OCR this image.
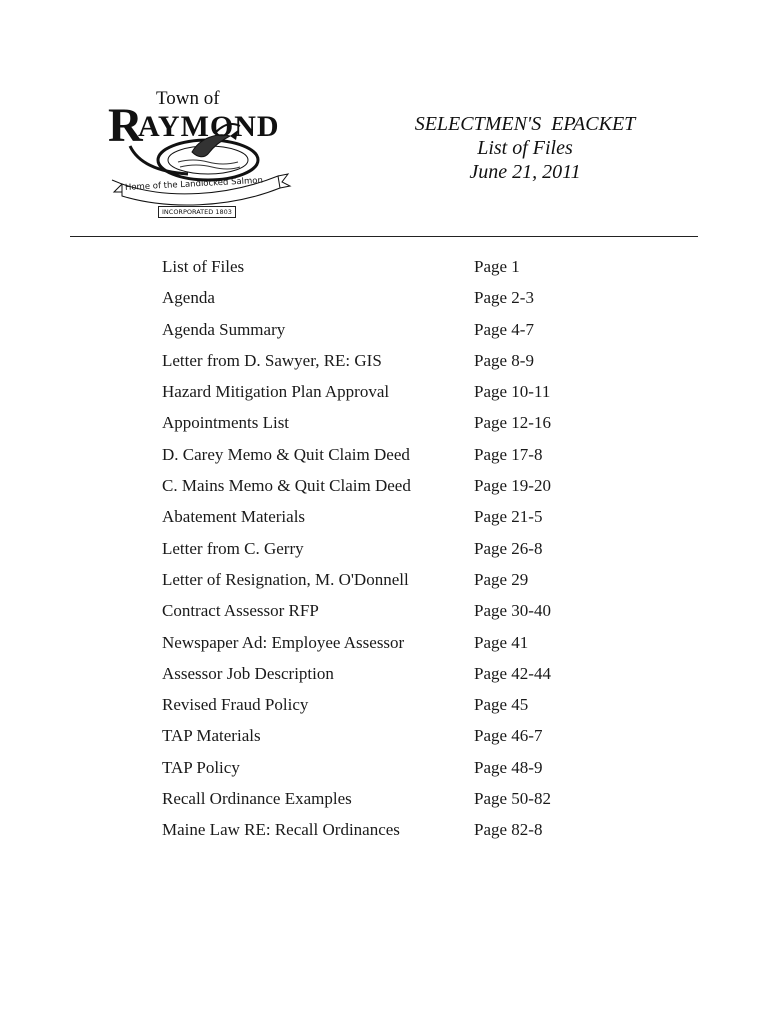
Town of
R
AYMOND
Home of the Landlocked Salmon
INCORPORATED 1803
SELECTMEN'S  EPACKET
List of Files
June 21, 2011
List of Files	Page 1
Agenda	Page 2-3
Agenda Summary	Page 4-7
Letter from D. Sawyer, RE: GIS	Page 8-9
Hazard Mitigation Plan Approval	Page 10-11
Appointments List	Page 12-16
D. Carey Memo & Quit Claim Deed	Page 17-8
C. Mains Memo & Quit Claim Deed	Page 19-20
Abatement Materials	Page 21-5
Letter from C. Gerry	Page 26-8
Letter of Resignation, M. O'Donnell	Page 29
Contract Assessor RFP	Page 30-40
Newspaper Ad: Employee Assessor	Page 41
Assessor Job Description	Page 42-44
Revised Fraud Policy	Page 45
TAP Materials	Page 46-7
TAP Policy	Page 48-9
Recall Ordinance Examples	Page 50-82
Maine Law RE: Recall Ordinances	Page 82-8
